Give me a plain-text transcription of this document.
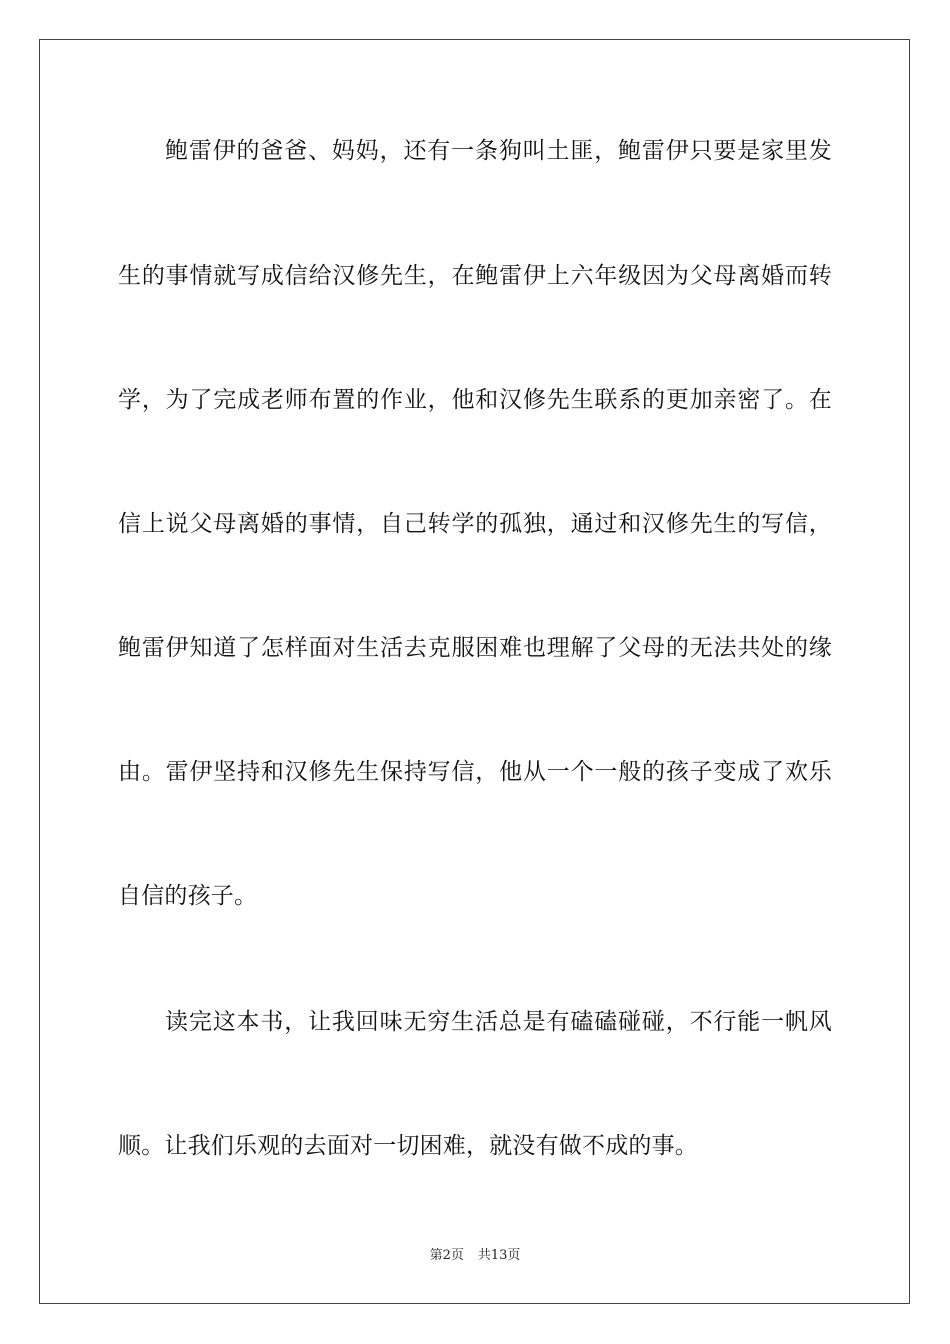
鲍雷伊的爸爸、妈妈，还有一条狗叫土匪，鲍雷伊只要是家里发
生的事情就写成信给汉修先生，在鲍雷伊上六年级因为父母离婚而转
学，为了完成老师布置的作业，他和汉修先生联系的更加亲密了。在
信上说父母离婚的事情，自己转学的孤独，通过和汉修先生的写信，
鲍雷伊知道了怎样面对生活去克服困难也理解了父母的无法共处的缘
由。雷伊坚持和汉修先生保持写信，他从一个一般的孩子变成了欢乐
自信的孩子。
读完这本书，让我回味无穷生活总是有磕磕碰碰，不行能一帆风
顺。让我们乐观的去面对一切困难，就没有做不成的事。
第2页 共13页
